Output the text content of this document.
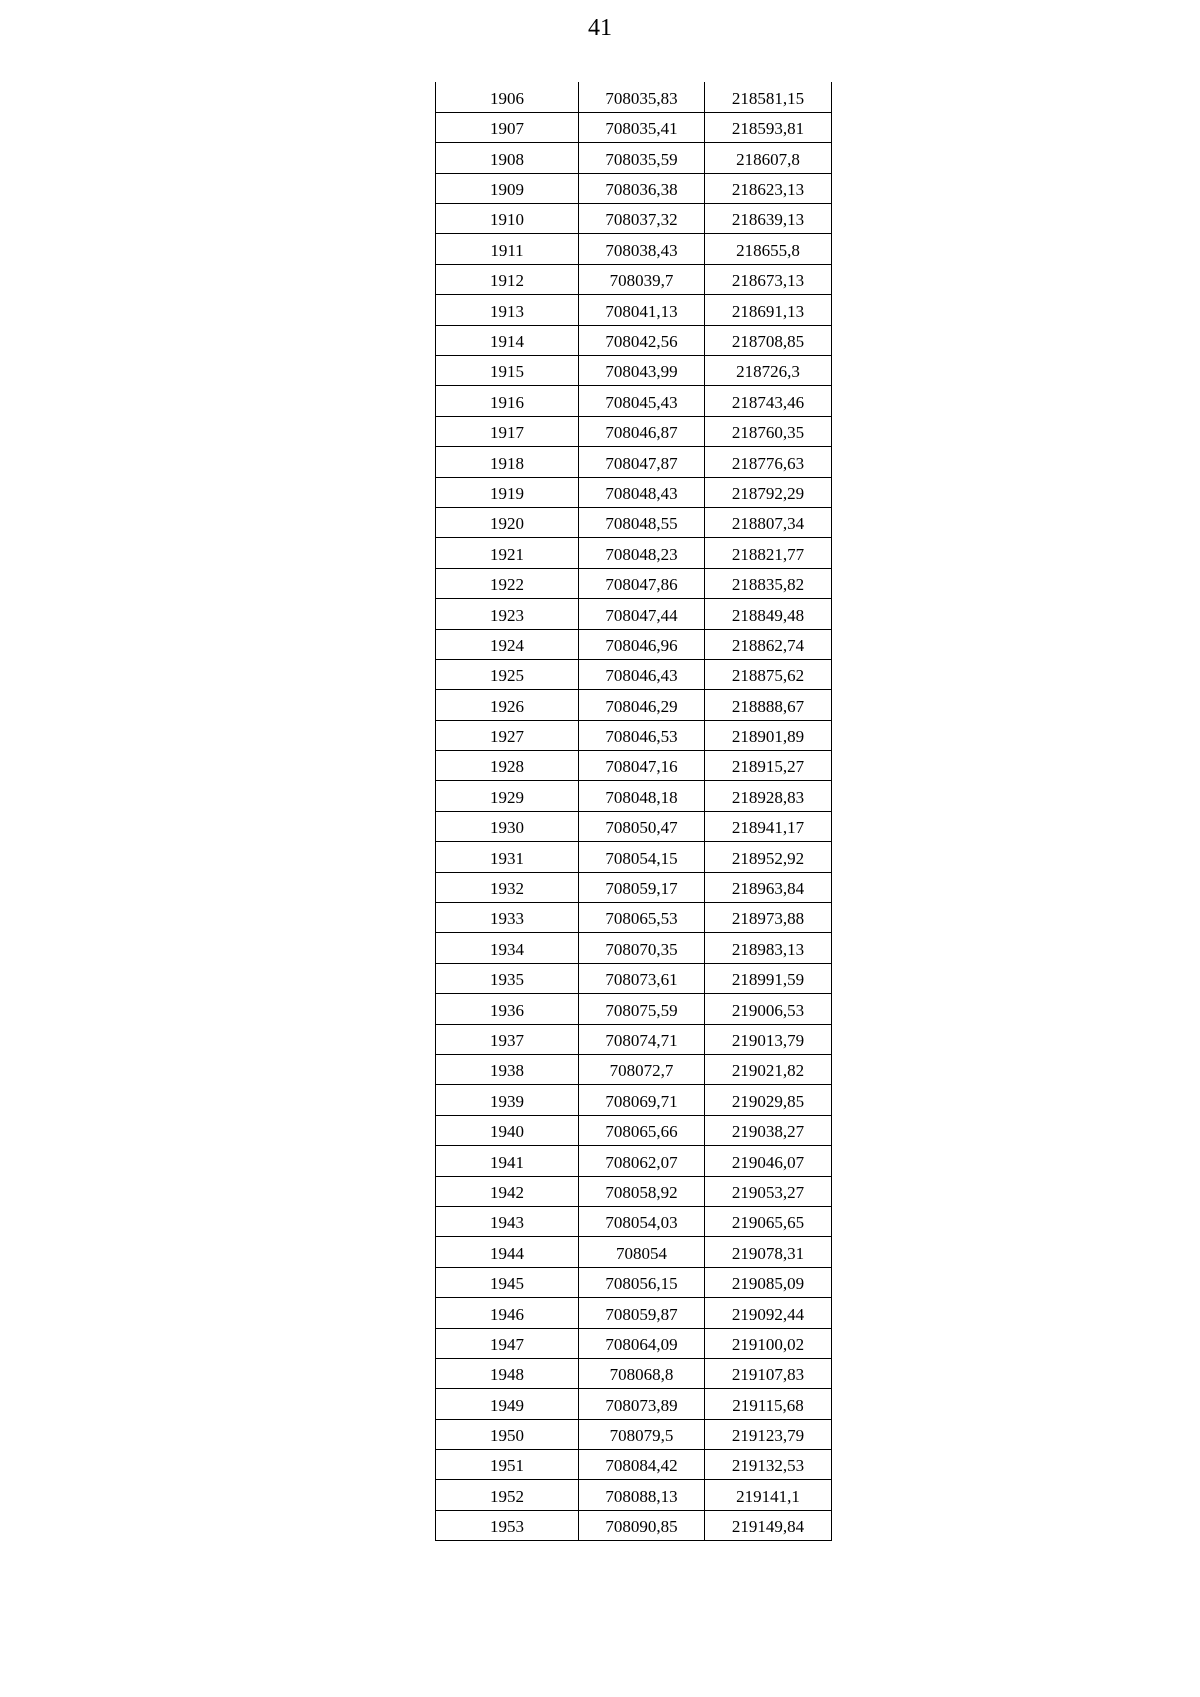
41
1906	708035,83	218581,15
1907	708035,41	218593,81
1908	708035,59	218607,8
1909	708036,38	218623,13
1910	708037,32	218639,13
1911	708038,43	218655,8
1912	708039,7	218673,13
1913	708041,13	218691,13
1914	708042,56	218708,85
1915	708043,99	218726,3
1916	708045,43	218743,46
1917	708046,87	218760,35
1918	708047,87	218776,63
1919	708048,43	218792,29
1920	708048,55	218807,34
1921	708048,23	218821,77
1922	708047,86	218835,82
1923	708047,44	218849,48
1924	708046,96	218862,74
1925	708046,43	218875,62
1926	708046,29	218888,67
1927	708046,53	218901,89
1928	708047,16	218915,27
1929	708048,18	218928,83
1930	708050,47	218941,17
1931	708054,15	218952,92
1932	708059,17	218963,84
1933	708065,53	218973,88
1934	708070,35	218983,13
1935	708073,61	218991,59
1936	708075,59	219006,53
1937	708074,71	219013,79
1938	708072,7	219021,82
1939	708069,71	219029,85
1940	708065,66	219038,27
1941	708062,07	219046,07
1942	708058,92	219053,27
1943	708054,03	219065,65
1944	708054	219078,31
1945	708056,15	219085,09
1946	708059,87	219092,44
1947	708064,09	219100,02
1948	708068,8	219107,83
1949	708073,89	219115,68
1950	708079,5	219123,79
1951	708084,42	219132,53
1952	708088,13	219141,1
1953	708090,85	219149,84
